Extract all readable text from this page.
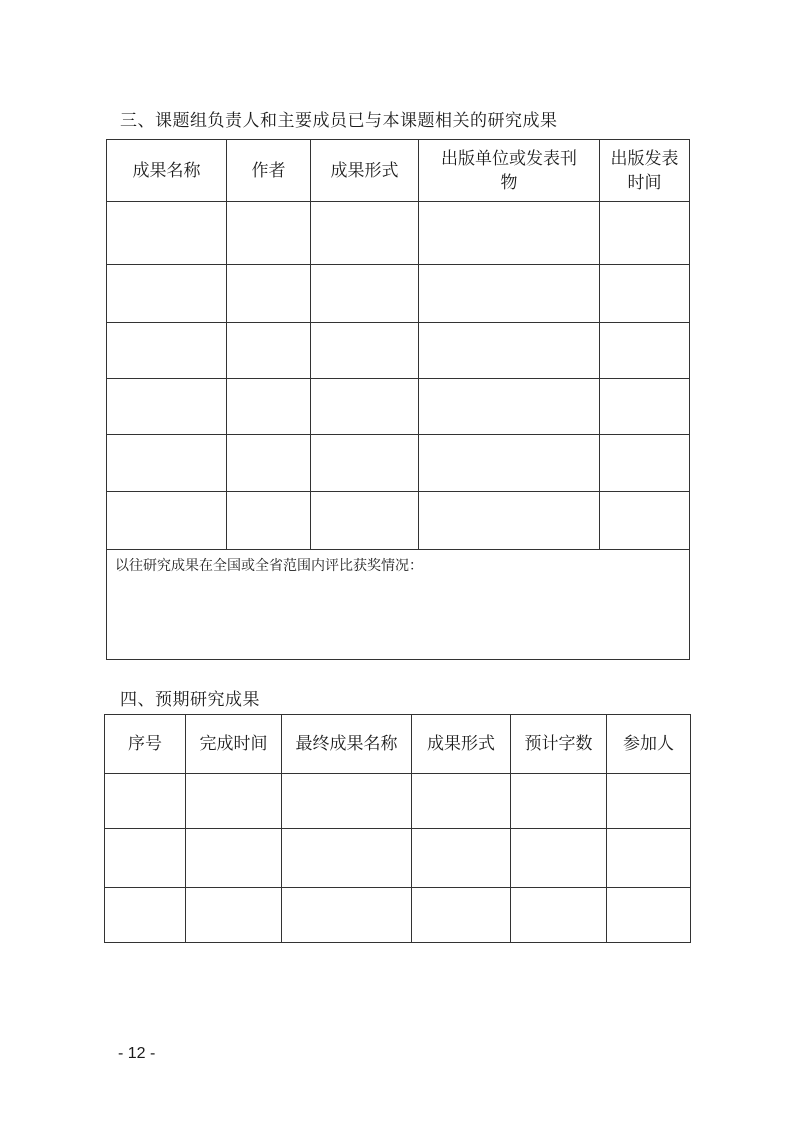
三、课题组负责人和主要成员已与本课题相关的研究成果
成果名称	作者	成果形式	出版单位或发表刊物	出版发表时间

以往研究成果在全国或全省范围内评比获奖情况：				
四、预期研究成果
序号	完成时间	最终成果名称	成果形式	预计字数	参加人

- 12 -
